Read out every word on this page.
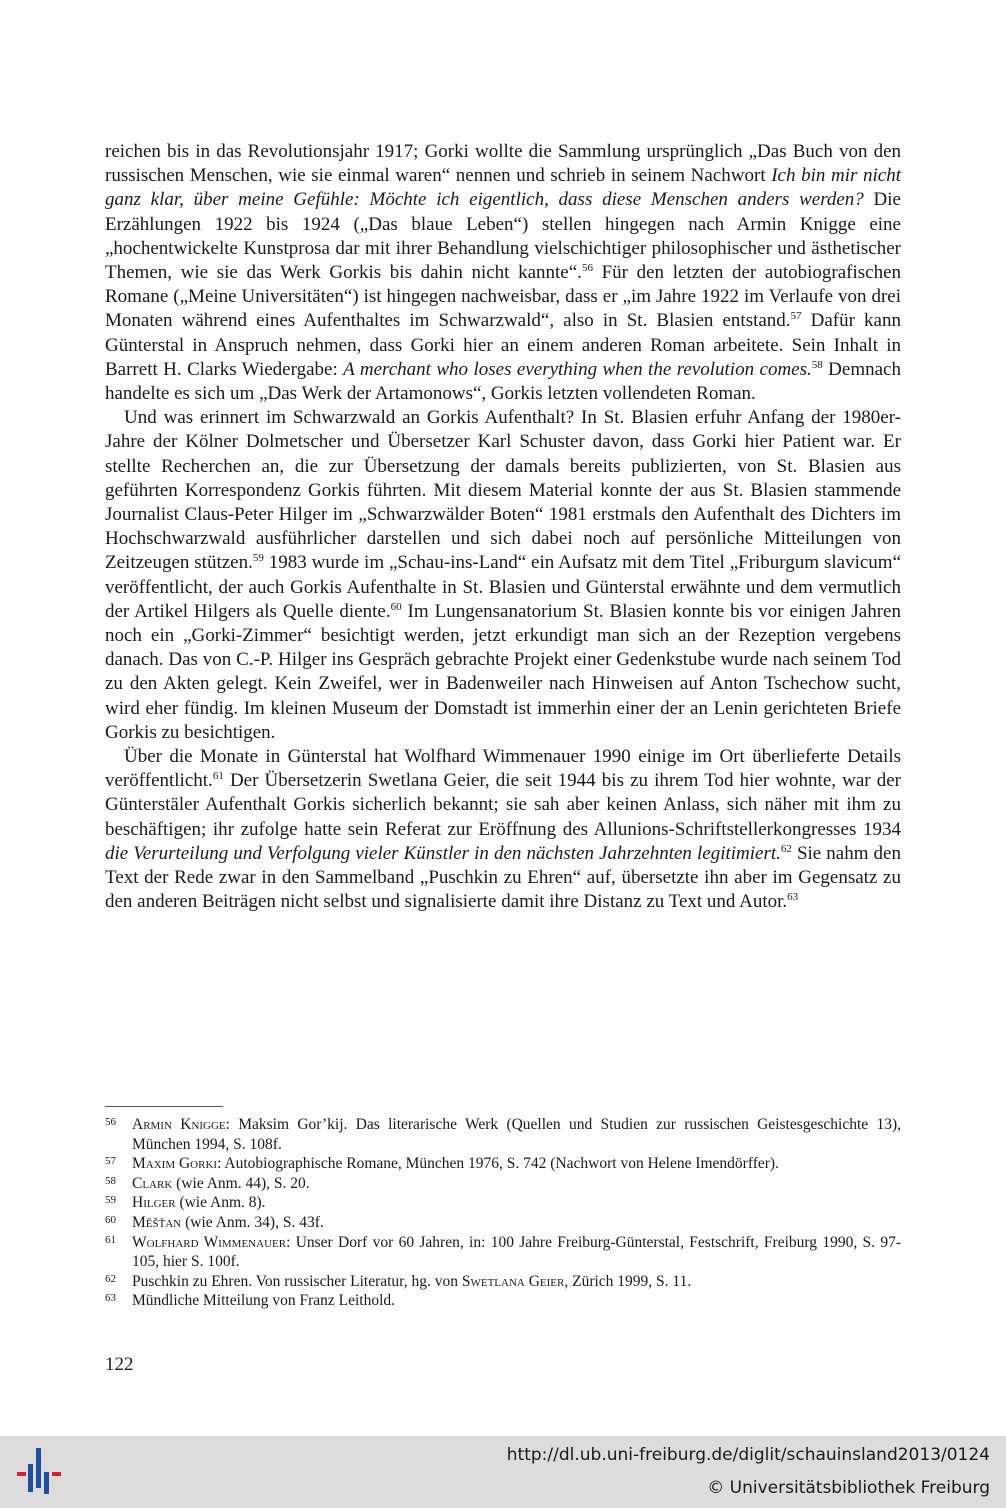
reichen bis in das Revolutionsjahr 1917; Gorki wollte die Sammlung ursprünglich „Das Buch von den russischen Menschen, wie sie einmal waren“ nennen und schrieb in seinem Nachwort Ich bin mir nicht ganz klar, über meine Gefühle: Möchte ich eigentlich, dass diese Menschen anders werden? Die Erzählungen 1922 bis 1924 („Das blaue Leben“) stellen hingegen nach Armin Knigge eine „hochentwickelte Kunstprosa dar mit ihrer Behandlung vielschichtiger philosophischer und ästhetischer Themen, wie sie das Werk Gorkis bis dahin nicht kannte“.$^{56}$ Für den letzten der autobiografischen Romane („Meine Universitäten“) ist hingegen nachweisbar, dass er „im Jahre 1922 im Verlaufe von drei Monaten während eines Aufenthaltes im Schwarzwald“, also in St. Blasien entstand.$^{57}$ Dafür kann Günterstal in Anspruch nehmen, dass Gorki hier an einem anderen Roman arbeitete. Sein Inhalt in Barrett H. Clarks Wiedergabe: A merchant who loses everything when the revolution comes.$^{58}$ Demnach handelte es sich um „Das Werk der Artamonows“, Gorkis letzten vollendeten Roman.

Und was erinnert im Schwarzwald an Gorkis Aufenthalt? In St. Blasien erfuhr Anfang der 1980er-Jahre der Kölner Dolmetscher und Übersetzer Karl Schuster davon, dass Gorki hier Patient war. Er stellte Recherchen an, die zur Übersetzung der damals bereits publizierten, von St. Blasien aus geführten Korrespondenz Gorkis führten. Mit diesem Material konnte der aus St. Blasien stammende Journalist Claus-Peter Hilger im „Schwarzwälder Boten“ 1981 erstmals den Aufenthalt des Dichters im Hochschwarzwald ausführlicher darstellen und sich dabei noch auf persönliche Mitteilungen von Zeitzeugen stützen.$^{59}$ 1983 wurde im „Schau-ins-Land“ ein Aufsatz mit dem Titel „Friburgum slavicum“ veröffentlicht, der auch Gorkis Aufenthalte in St. Blasien und Günterstal erwähnte und dem vermutlich der Artikel Hilgers als Quelle diente.$^{60}$ Im Lungensanatorium St. Blasien konnte bis vor einigen Jahren noch ein „Gorki-Zimmer“ besichtigt werden, jetzt erkundigt man sich an der Rezeption vergebens danach. Das von C.-P. Hilger ins Gespräch gebrachte Projekt einer Gedenkstube wurde nach seinem Tod zu den Akten gelegt. Kein Zweifel, wer in Badenweiler nach Hinweisen auf Anton Tschechow sucht, wird eher fündig. Im kleinen Museum der Domstadt ist immerhin einer der an Lenin gerichteten Briefe Gorkis zu besichtigen.

Über die Monate in Günterstal hat Wolfhard Wimmenauer 1990 einige im Ort überlieferte Details veröffentlicht.$^{61}$ Der Übersetzerin Swetlana Geier, die seit 1944 bis zu ihrem Tod hier wohnte, war der Günterstäler Aufenthalt Gorkis sicherlich bekannt; sie sah aber keinen Anlass, sich näher mit ihm zu beschäftigen; ihr zufolge hatte sein Referat zur Eröffnung des Allunions-Schriftstellerkongresses 1934 die Verurteilung und Verfolgung vieler Künstler in den nächsten Jahrzehnten legitimiert.$^{62}$ Sie nahm den Text der Rede zwar in den Sammelband „Puschkin zu Ehren“ auf, übersetzte ihn aber im Gegensatz zu den anderen Beiträgen nicht selbst und signalisierte damit ihre Distanz zu Text und Autor.$^{63}$

56	Armin Knigge: Maksim Gor’kij. Das literarische Werk (Quellen und Studien zur russischen Geistesgeschichte 13), München 1994, S. 108f.
57	Maxim Gorki: Autobiographische Romane, München 1976, S. 742 (Nachwort von Helene Imendörffer).
58	Clark (wie Anm. 44), S. 20.
59	Hilger (wie Anm. 8).
60	Měšťan (wie Anm. 34), S. 43f.
61	Wolfhard Wimmenauer: Unser Dorf vor 60 Jahren, in: 100 Jahre Freiburg-Günterstal, Festschrift, Freiburg 1990, S. 97-105, hier S. 100f.
62	Puschkin zu Ehren. Von russischer Literatur, hg. von Swetlana Geier, Zürich 1999, S. 11.
63	Mündliche Mitteilung von Franz Leithold.
122
http://dl.ub.uni-freiburg.de/diglit/schauinsland2013/0124
© Universitätsbibliothek Freiburg
